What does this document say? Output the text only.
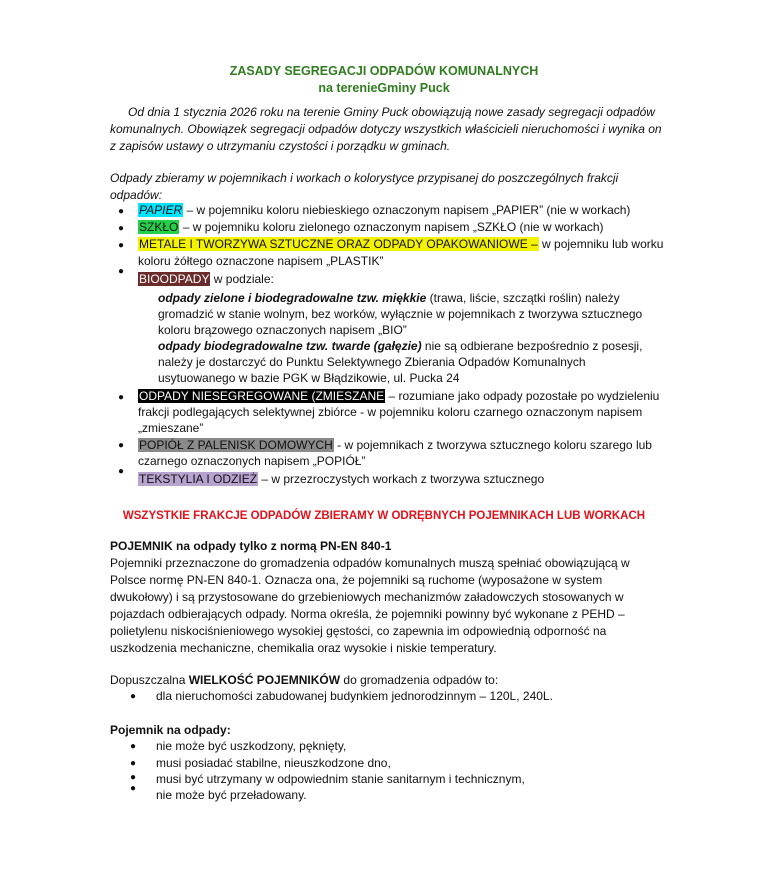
ZASADY SEGREGACJI ODPADÓW KOMUNALNYCH
na terenieGminy Puck
Od dnia 1 stycznia 2026 roku na terenie Gminy Puck obowiązują nowe zasady segregacji odpadów
komunalnych. Obowiązek segregacji odpadów dotyczy wszystkich właścicieli nieruchomości i wynika on
z zapisów ustawy o utrzymaniu czystości i porządku w gminach.
Odpady zbieramy w pojemnikach i workach o kolorystyce przypisanej do poszczególnych frakcji
odpadów:
● PAPIER – w pojemniku koloru niebieskiego oznaczonym napisem „PAPIER” (nie w workach)
● SZKŁO – w pojemniku koloru zielonego oznaczonym napisem „SZKŁO (nie w workach)
● METALE I TWORZYWA SZTUCZNE ORAZ ODPADY OPAKOWANIOWE – w pojemniku lub worku
koloru żółtego oznaczone napisem „PLASTIK”
●
BIOODPADY w podziale:
odpady zielone i biodegradowalne tzw. miękkie (trawa, liście, szczątki roślin) należy
gromadzić w stanie wolnym, bez worków, wyłącznie w pojemnikach z tworzywa sztucznego
koloru brązowego oznaczonych napisem „BIO”
odpady biodegradowalne tzw. twarde (gałęzie) nie są odbierane bezpośrednio z posesji,
należy je dostarczyć do Punktu Selektywnego Zbierania Odpadów Komunalnych
usytuowanego w bazie PGK w Błądzikowie, ul. Pucka 24
● ODPADY NIESEGREGOWANE (ZMIESZANE – rozumiane jako odpady pozostałe po wydzieleniu
frakcji podlegających selektywnej zbiórce - w pojemniku koloru czarnego oznaczonym napisem
„zmieszane”
● POPIÓŁ Z PALENISK DOMOWYCH - w pojemnikach z tworzywa sztucznego koloru szarego lub
czarnego oznaczonych napisem „POPIÓŁ”
●
TEKSTYLIA I ODZIEŻ – w przezroczystych workach z tworzywa sztucznego
WSZYSTKIE FRAKCJE ODPADÓW ZBIERAMY W ODRĘBNYCH POJEMNIKACH LUB WORKACH
POJEMNIK na odpady tylko z normą PN-EN 840-1
Pojemniki przeznaczone do gromadzenia odpadów komunalnych muszą spełniać obowiązującą w
Polsce normę PN-EN 840-1. Oznacza ona, że pojemniki są ruchome (wyposażone w system
dwukołowy) i są przystosowane do grzebieniowych mechanizmów załadowczych stosowanych w
pojazdach odbierających odpady. Norma określa, że pojemniki powinny być wykonane z PEHD –
polietylenu niskociśnieniowego wysokiej gęstości, co zapewnia im odpowiednią odporność na
uszkodzenia mechaniczne, chemikalia oraz wysokie i niskie temperatury.
Dopuszczalna WIELKOŚĆ POJEMNIKÓW do gromadzenia odpadów to:
● dla nieruchomości zabudowanej budynkiem jednorodzinnym – 120L, 240L.
Pojemnik na odpady:
● nie może być uszkodzony, pęknięty,
● musi posiadać stabilne, nieuszkodzone dno,
● musi być utrzymany w odpowiednim stanie sanitarnym i technicznym,
● nie może być przeładowany.
